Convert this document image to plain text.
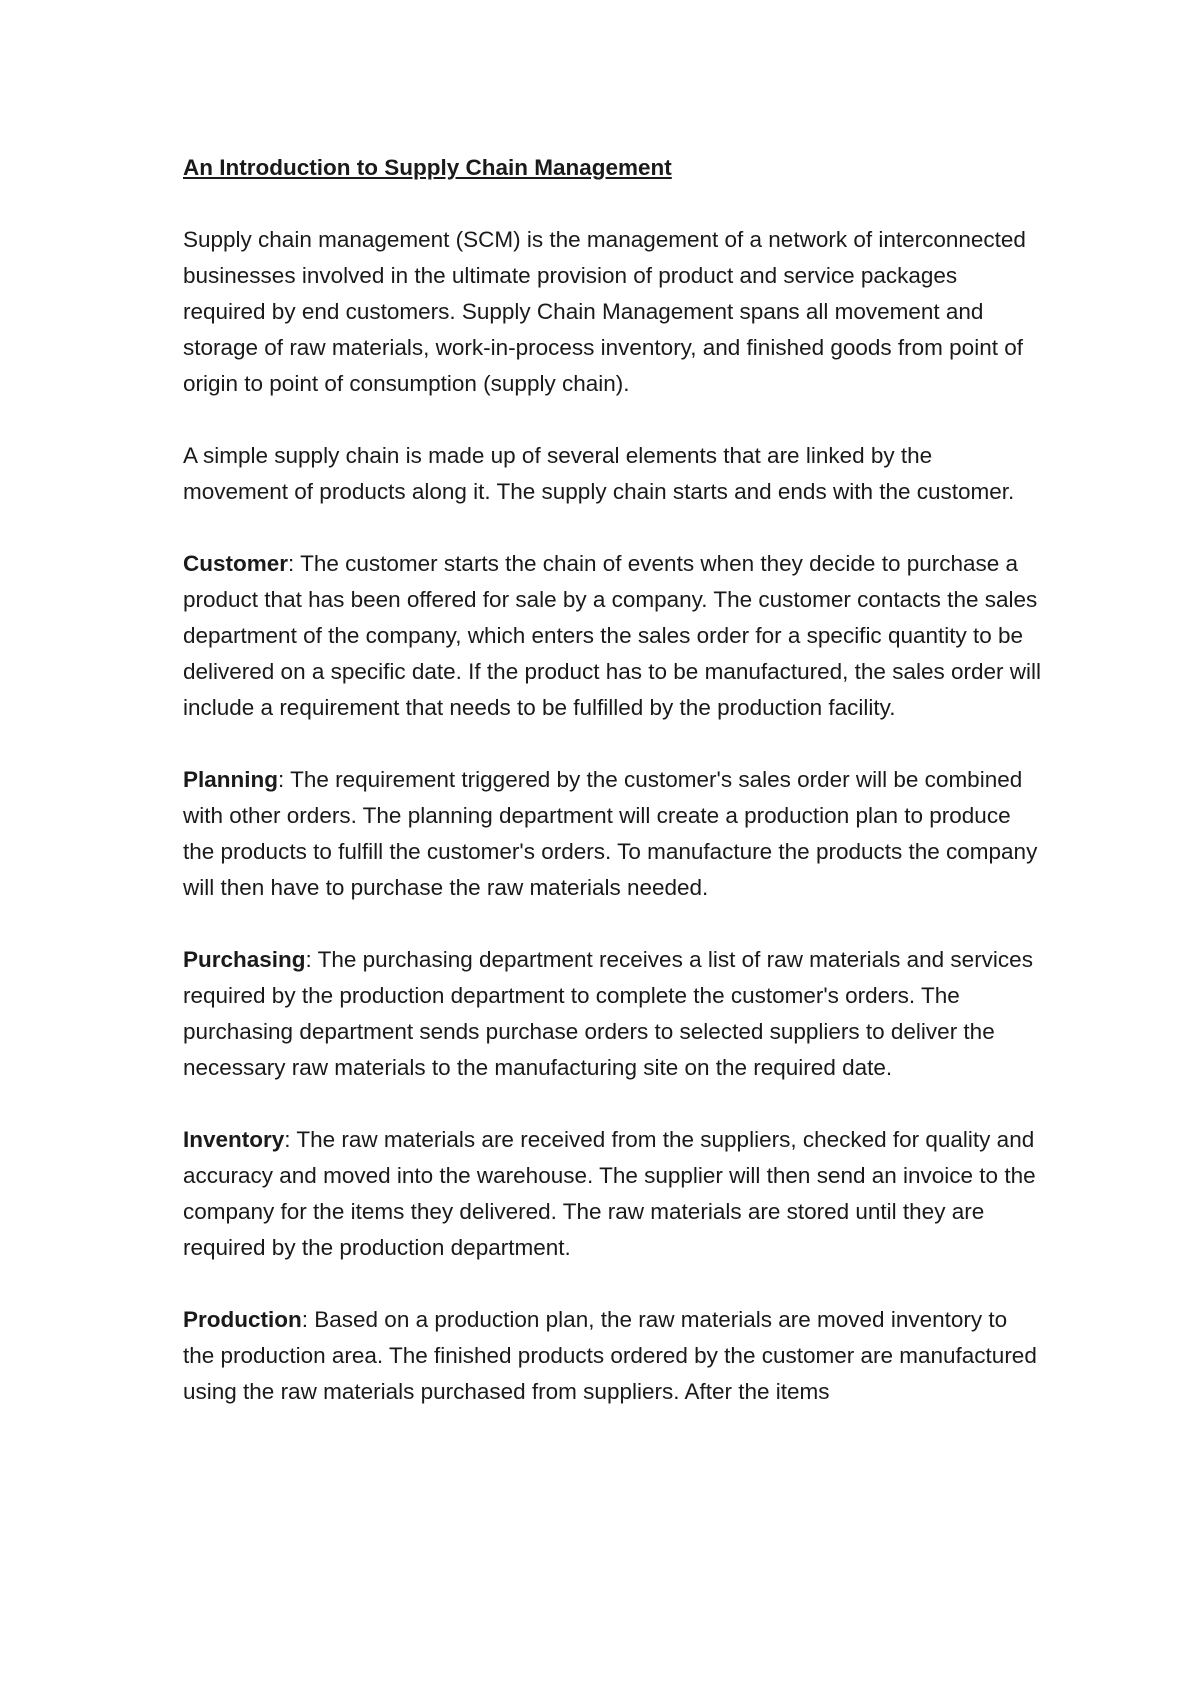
An Introduction to Supply Chain Management

Supply chain management (SCM) is the management of a network of interconnected businesses involved in the ultimate provision of product and service packages required by end customers. Supply Chain Management spans all movement and storage of raw materials, work-in-process inventory, and finished goods from point of origin to point of consumption (supply chain).

A simple supply chain is made up of several elements that are linked by the movement of products along it. The supply chain starts and ends with the customer.

Customer: The customer starts the chain of events when they decide to purchase a product that has been offered for sale by a company. The customer contacts the sales department of the company, which enters the sales order for a specific quantity to be delivered on a specific date. If the product has to be manufactured, the sales order will include a requirement that needs to be fulfilled by the production facility.

Planning: The requirement triggered by the customer's sales order will be combined with other orders. The planning department will create a production plan to produce the products to fulfill the customer's orders. To manufacture the products the company will then have to purchase the raw materials needed.

Purchasing: The purchasing department receives a list of raw materials and services required by the production department to complete the customer's orders. The purchasing department sends purchase orders to selected suppliers to deliver the necessary raw materials to the manufacturing site on the required date.

Inventory: The raw materials are received from the suppliers, checked for quality and accuracy and moved into the warehouse. The supplier will then send an invoice to the company for the items they delivered. The raw materials are stored until they are required by the production department.

Production: Based on a production plan, the raw materials are moved inventory to the production area. The finished products ordered by the customer are manufactured using the raw materials purchased from suppliers. After the items
